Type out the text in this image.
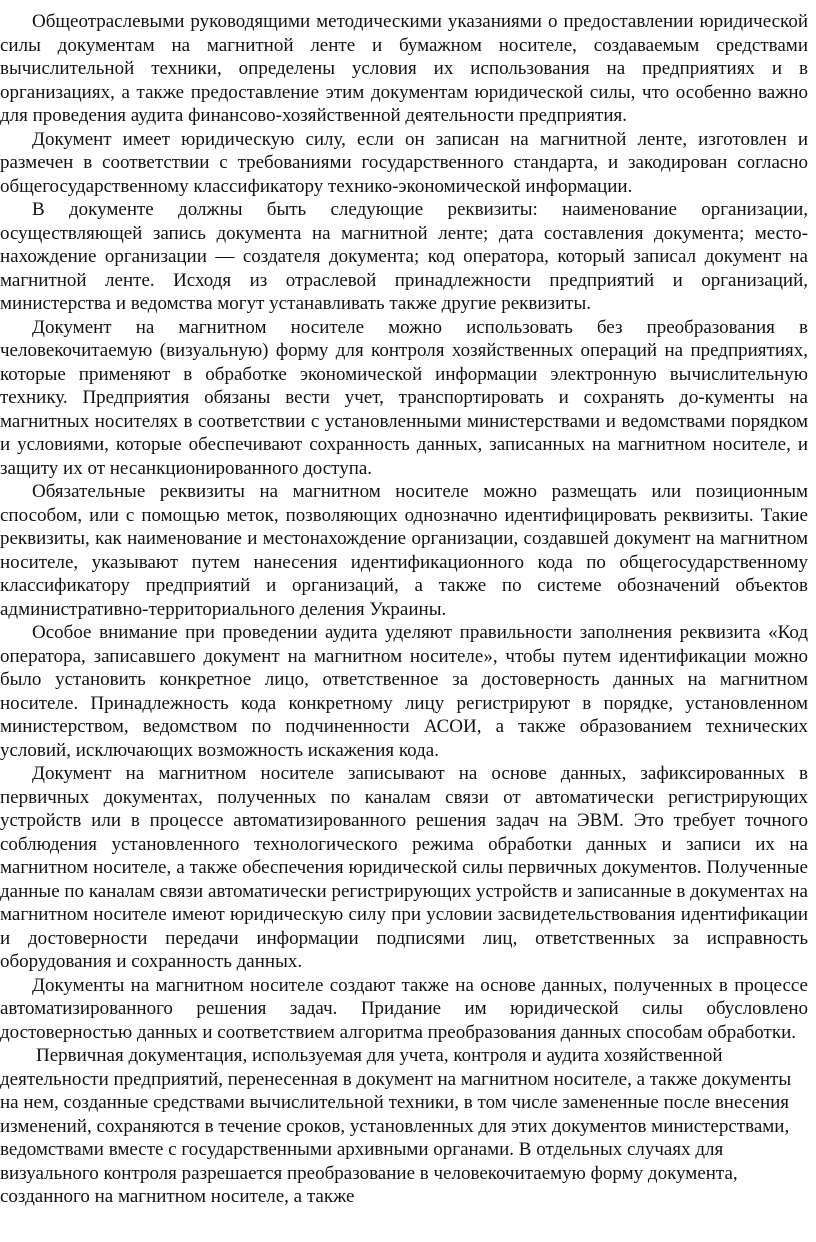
Общеотраслевыми руководящими методическими указаниями о предоставлении юридической силы документам на магнитной ленте и бумажном носителе, создаваемым средствами вычислительной техники, определены условия их использования на предприятиях и в организациях, а также предоставление этим документам юридической силы, что особенно важно для проведения аудита финансово-хозяйственной деятельности предприятия.

Документ имеет юридическую силу, если он записан на магнитной ленте, изготовлен и размечен в соответствии с требованиями государственного стандарта, и закодирован согласно общегосударственному классификатору технико-экономической информации.

В документе должны быть следующие реквизиты: наименование организации, осуществляющей запись документа на магнитной ленте; дата составления документа; место-нахождение организации — создателя документа; код оператора, который записал документ на магнитной ленте. Исходя из отраслевой принадлежности предприятий и организаций, министерства и ведомства могут устанавливать также другие реквизиты.

Документ на магнитном носителе можно использовать без преобразования в человекочитаемую (визуальную) форму для контроля хозяйственных операций на предприятиях, которые применяют в обработке экономической информации электронную вычислительную технику. Предприятия обязаны вести учет, транспортировать и сохранять до-кументы на магнитных носителях в соответствии с установленными министерствами и ведомствами порядком и условиями, которые обеспечивают сохранность данных, записанных на магнитном носителе, и защиту их от несанкционированного доступа.

Обязательные реквизиты на магнитном носителе можно размещать или позиционным способом, или с помощью меток, позволяющих однозначно идентифицировать реквизиты. Такие реквизиты, как наименование и местонахождение организации, создавшей документ на магнитном носителе, указывают путем нанесения идентификационного кода по общегосударственному классификатору предприятий и организаций, а также по системе обозначений объектов административно-территориального деления Украины.

Особое внимание при проведении аудита уделяют правильности заполнения реквизита «Код оператора, записавшего документ на магнитном носителе», чтобы путем идентификации можно было установить конкретное лицо, ответственное за достоверность данных на магнитном носителе. Принадлежность кода конкретному лицу регистрируют в порядке, установленном министерством, ведомством по подчиненности АСОИ, а также образованием технических условий, исключающих возможность искажения кода.

Документ на магнитном носителе записывают на основе данных, зафиксированных в первичных документах, полученных по каналам связи от автоматически регистрирующих устройств или в процессе автоматизированного решения задач на ЭВМ. Это требует точного соблюдения установленного технологического режима обработки данных и записи их на магнитном носителе, а также обеспечения юридической силы первичных документов. Полученные данные по каналам связи автоматически регистрирующих устройств и записанные в документах на магнитном носителе имеют юридическую силу при условии засвидетельствования идентификации и достоверности передачи информации подписями лиц, ответственных за исправность оборудования и сохранность данных.

Документы на магнитном носителе создают также на основе данных, полученных в процессе автоматизированного решения задач. Придание им юридической силы обусловлено достоверностью данных и соответствием алгоритма преобразования данных способам обработки.

Первичная документация, используемая для учета, контроля и аудита хозяйственной деятельности предприятий, перенесенная в документ на магнитном носителе, а также документы на нем, созданные средствами вычислительной техники, в том числе замененные после внесения изменений, сохраняются в течение сроков, установленных для этих документов министерствами, ведомствами вместе с государственными архивными органами. В отдельных случаях для визуального контроля разрешается преобразование в человекочитаемую форму документа, созданного на магнитном носителе, а также
